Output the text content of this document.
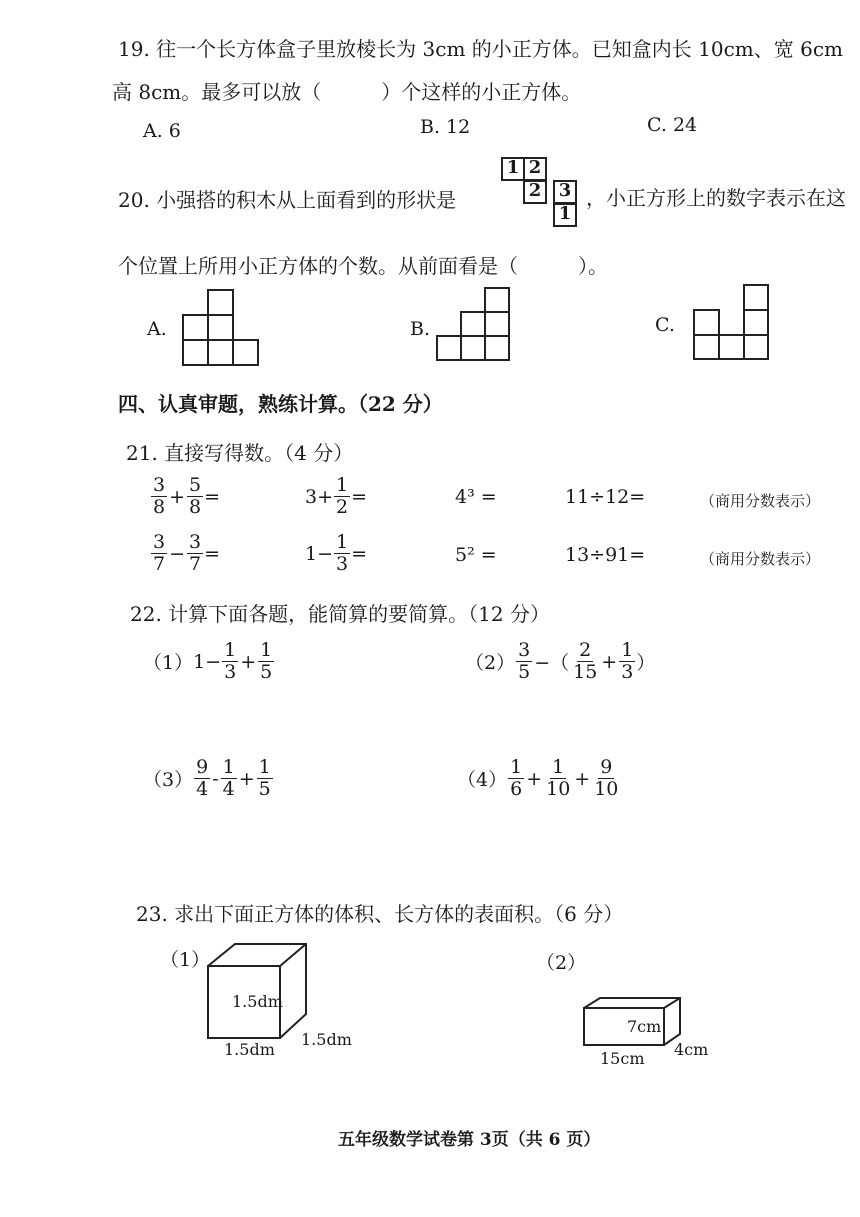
19. 往一个长方体盒子里放棱长为 3cm 的小正方体。已知盒内长 10cm、宽 6cm
高 8cm。最多可以放（　　　）个这样的小正方体。
A. 6	B. 12	C. 24
20. 小强搭的积木从上面看到的形状是
1 2
2 3
1
，小正方形上的数字表示在这
个位置上所用小正方体的个数。从前面看是（　　　）。
A.	B.	C.
四、认真审题，熟练计算。（22 分）
21. 直接写得数。（4 分）
$\frac{3}{8} + \frac{5}{8}$ =	$3+ \frac{1}{2}$ =	4³ =	11÷12=	（商用分数表示）
$\frac{3}{7} - \frac{3}{7}$ =	$1- \frac{1}{3}$ =	5² =	13÷91=	（商用分数表示）
22. 计算下面各题，能简算的要简算。（12 分）
（1） $1- \frac{1}{3} + \frac{1}{5}$	$(2) \frac{3}{5}$ −（ $\frac{2}{15} + \frac{1}{3}$ ）
$(3) \frac{9}{4} - \frac{1}{4} + \frac{1}{5}$	$(4) \frac{1}{6} + \frac{1}{10} + \frac{9}{10}$
23. 求出下面正方体的体积、长方体的表面积。（6 分）
（1）	（2）
1.5dm
1.5dm
1.5dm
7cm
15cm 4cm
五年级数学试卷第 3页（共 6 页）
